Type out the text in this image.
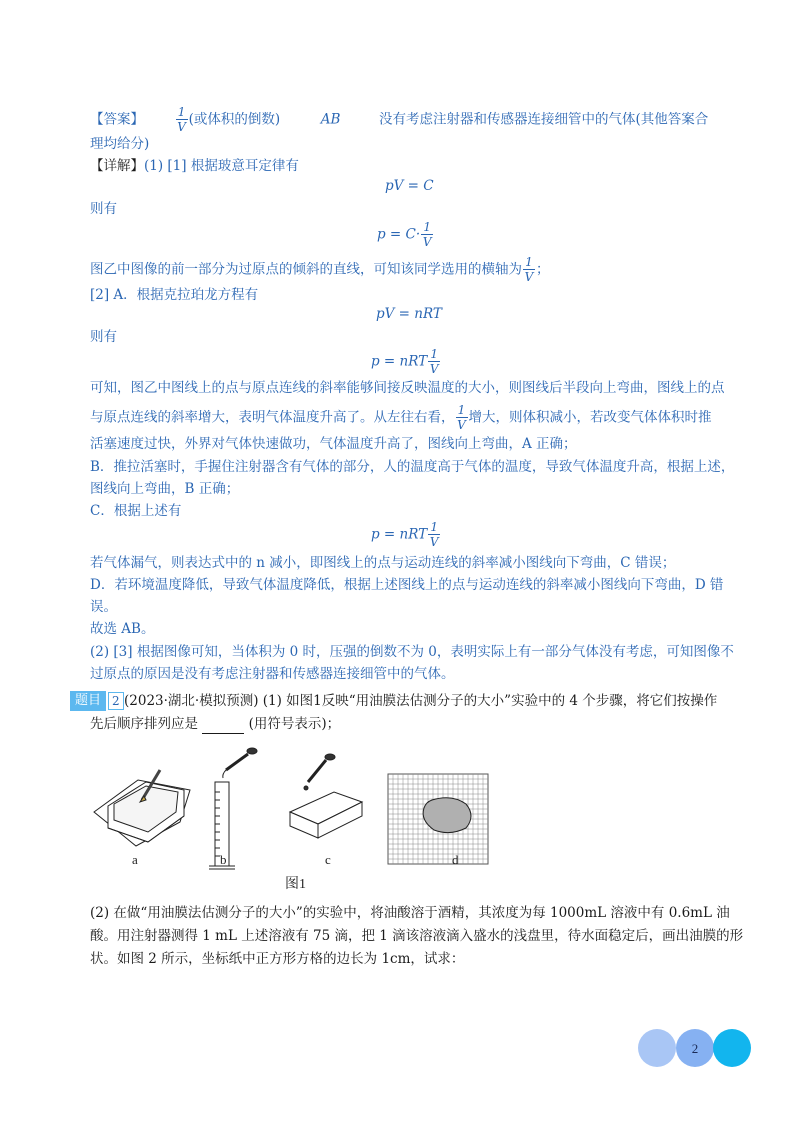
【答案】	$\frac{1}{V}$ (或体积的倒数)	AB	没有考虑注射器和传感器连接细管中的气体(其他答案合
理均给分)
【详解】(1) [1] 根据玻意耳定律有
pV = C
则有
$p = C\cdot \frac{1}{V}$
图乙中图像的前一部分为过原点的倾斜的直线，可知该同学选用的横轴为 $\frac{1}{V}$ ；
[2] A．根据克拉珀龙方程有
pV = nRT
则有
p = nRT $\frac{1}{V}$
可知，图乙中图线上的点与原点连线的斜率能够间接反映温度的大小，则图线后半段向上弯曲，图线上的点
与原点连线的斜率增大，表明气体温度升高了。从左往右看， $\frac{1}{V}$ 增大，则体积减小，若改变气体体积时推
活塞速度过快，外界对气体快速做功，气体温度升高了，图线向上弯曲，A 正确；
B．推拉活塞时，手握住注射器含有气体的部分，人的温度高于气体的温度，导致气体温度升高，根据上述，
图线向上弯曲，B 正确；
C．根据上述有
p = nRT $\frac{1}{V}$
若气体漏气，则表达式中的 n 减小，即图线上的点与运动连线的斜率减小图线向下弯曲，C 错误；
D．若环境温度降低，导致气体温度降低，根据上述图线上的点与运动连线的斜率减小图线向下弯曲，D 错
误。
故选 AB。
(2) [3] 根据图像可知，当体积为 0 时，压强的倒数不为 0，表明实际上有一部分气体没有考虑，可知图像不
过原点的原因是没有考虑注射器和传感器连接细管中的气体。
题目 2 (2023·湖北·模拟预测) (1) 如图1反映“用油膜法估测分子的大小”实验中的 4 个步骤，将它们按操作
先后顺序排列应是	(用符号表示)；
a	b	c	d
图1
(2) 在做“用油膜法估测分子的大小”的实验中，将油酸溶于酒精，其浓度为每 1000mL 溶液中有 0.6mL 油
酸。用注射器测得 1 mL 上述溶液有 75 滴，把 1 滴该溶液滴入盛水的浅盘里，待水面稳定后，画出油膜的形
状。如图 2 所示，坐标纸中正方形方格的边长为 1cm，试求：
2
